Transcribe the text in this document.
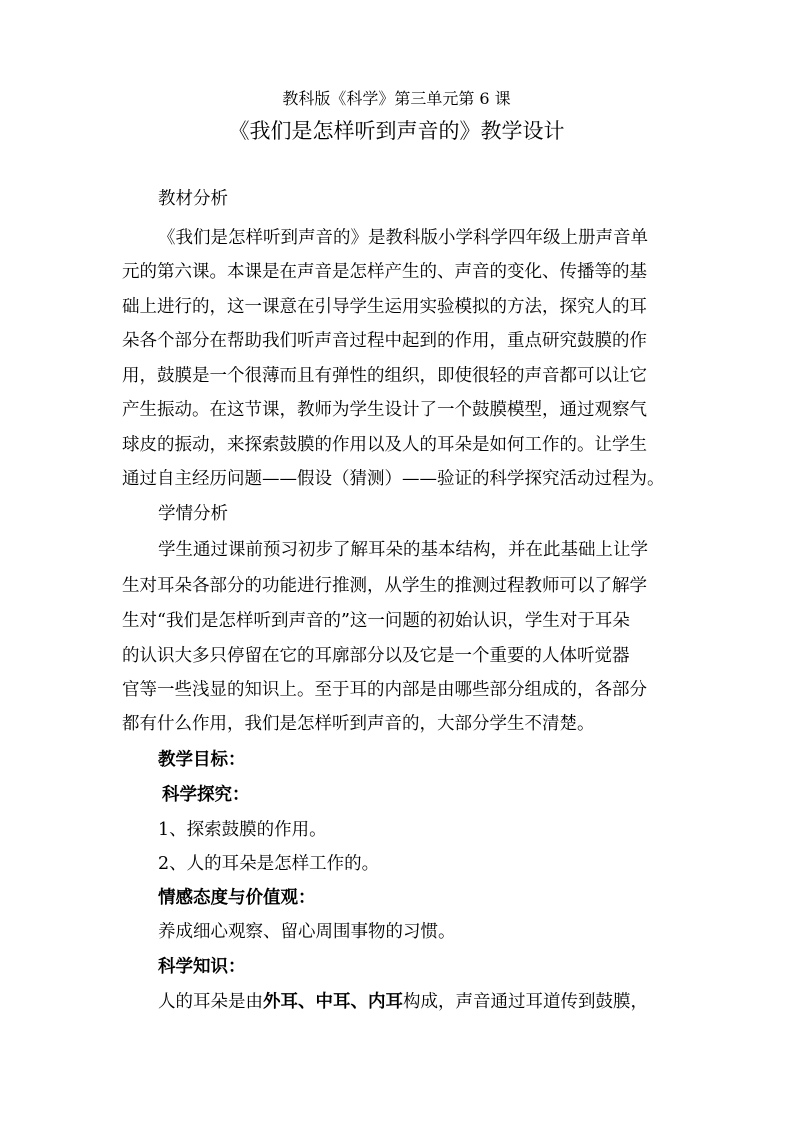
教科版《科学》第三单元第 6 课
《我们是怎样听到声音的》教学设计
教材分析
《我们是怎样听到声音的》是教科版小学科学四年级上册声音单
元的第六课。本课是在声音是怎样产生的、声音的变化、传播等的基
础上进行的，这一课意在引导学生运用实验模拟的方法，探究人的耳
朵各个部分在帮助我们听声音过程中起到的作用，重点研究鼓膜的作
用，鼓膜是一个很薄而且有弹性的组织，即使很轻的声音都可以让它
产生振动。在这节课，教师为学生设计了一个鼓膜模型，通过观察气
球皮的振动，来探索鼓膜的作用以及人的耳朵是如何工作的。让学生
通过自主经历问题——假设（猜测）——验证的科学探究活动过程为。
学情分析
学生通过课前预习初步了解耳朵的基本结构，并在此基础上让学
生对耳朵各部分的功能进行推测，从学生的推测过程教师可以了解学
生对“我们是怎样听到声音的”这一问题的初始认识，学生对于耳朵
的认识大多只停留在它的耳廓部分以及它是一个重要的人体听觉器
官等一些浅显的知识上。至于耳的内部是由哪些部分组成的，各部分
都有什么作用，我们是怎样听到声音的，大部分学生不清楚。
教学目标：
科学探究：
1、探索鼓膜的作用。
2、人的耳朵是怎样工作的。
情感态度与价值观：
养成细心观察、留心周围事物的习惯。
科学知识：
人的耳朵是由外耳、中耳、内耳构成，声音通过耳道传到鼓膜，
